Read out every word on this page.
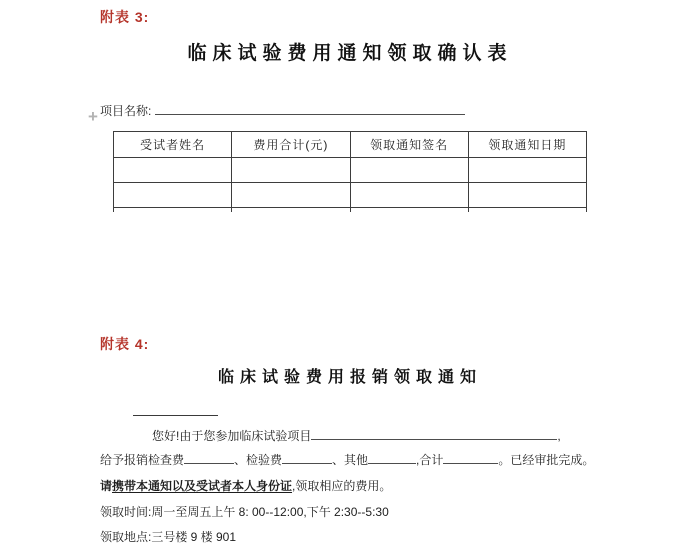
附表 3:
临床试验费用通知领取确认表
项目名称:
+
受试者姓名	费用合计(元)	领取通知签名	领取通知日期

附表 4:
临床试验费用报销领取通知

您好!由于您参加临床试验项目	,

给予报销检查费	、检验费	、其他	,合计	。已经审批完成。

请携带本通知以及受试者本人身份证,领取相应的费用。

领取时间:周一至周五上午 8: 00--12:00,下午 2:30--5:30

领取地点:三号楼 9 楼 901
